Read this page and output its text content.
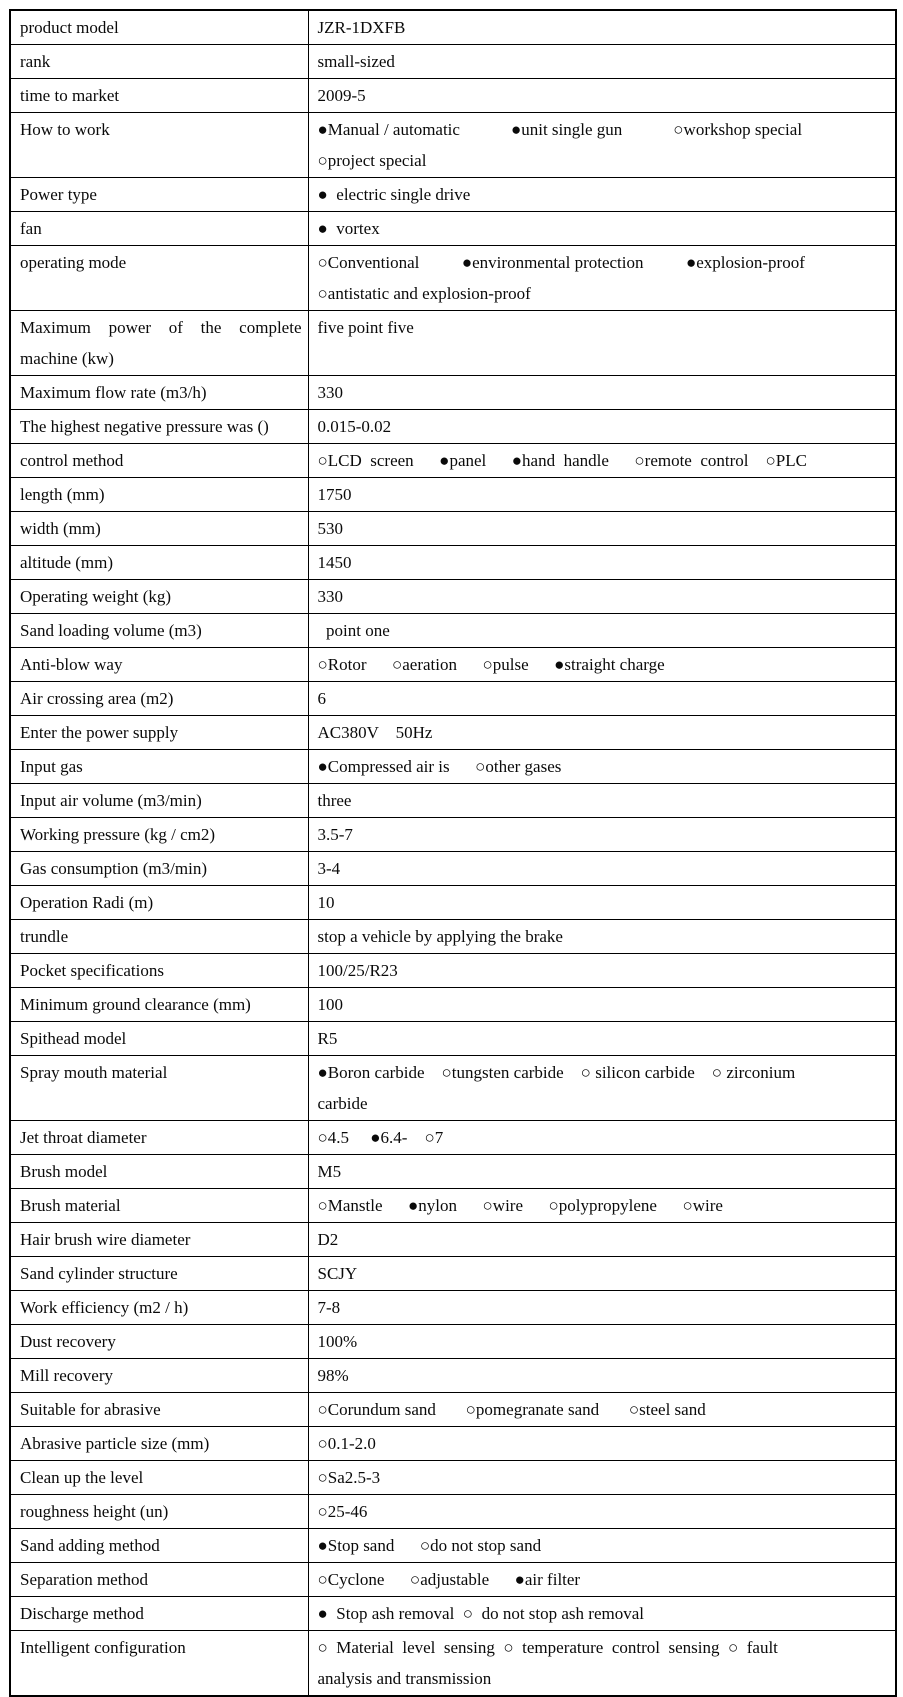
product model	JZR-1DXFB

rank	small-sized

time to market	2009-5

How to work	●Manual / automatic            ●unit single gun            ○workshop special
○project special

Power type	●  electric single drive

fan	●  vortex

operating mode	○Conventional          ●environmental protection          ●explosion-proof
○antistatic and explosion-proof

Maximum power of the complete machine (kw)	five point five

Maximum flow rate (m3/h)	330

The highest negative pressure was ()	0.015-0.02

control method	○LCD  screen      ●panel      ●hand  handle      ○remote  control    ○PLC

length (mm)	1750

width (mm)	530

altitude (mm)	1450

Operating weight (kg)	330

Sand loading volume (m3)	point one

Anti-blow way	○Rotor      ○aeration      ○pulse      ●straight charge

Air crossing area (m2)	6

Enter the power supply	AC380V    50Hz

Input gas	●Compressed air is      ○other gases

Input air volume (m3/min)	three

Working pressure (kg / cm2)	3.5-7

Gas consumption (m3/min)	3-4

Operation Radi (m)	10

trundle	stop a vehicle by applying the brake

Pocket specifications	100/25/R23

Minimum ground clearance (mm)	100

Spithead model	R5

Spray mouth material	●Boron carbide    ○tungsten carbide    ○ silicon carbide    ○ zirconium
carbide

Jet throat diameter	○4.5     ●6.4-    ○7

Brush model	M5

Brush material	○Manstle      ●nylon      ○wire      ○polypropylene      ○wire

Hair brush wire diameter	D2

Sand cylinder structure	SCJY

Work efficiency (m2 / h)	7-8

Dust recovery	100%

Mill recovery	98%

Suitable for abrasive	○Corundum sand       ○pomegranate sand       ○steel sand

Abrasive particle size (mm)	○0.1-2.0

Clean up the level	○Sa2.5-3

roughness height (un)	○25-46

Sand adding method	●Stop sand      ○do not stop sand

Separation method	○Cyclone      ○adjustable      ●air filter

Discharge method	●  Stop ash removal  ○  do not stop ash removal

Intelligent configuration	○  Material  level  sensing  ○  temperature  control  sensing  ○  fault
analysis and transmission
